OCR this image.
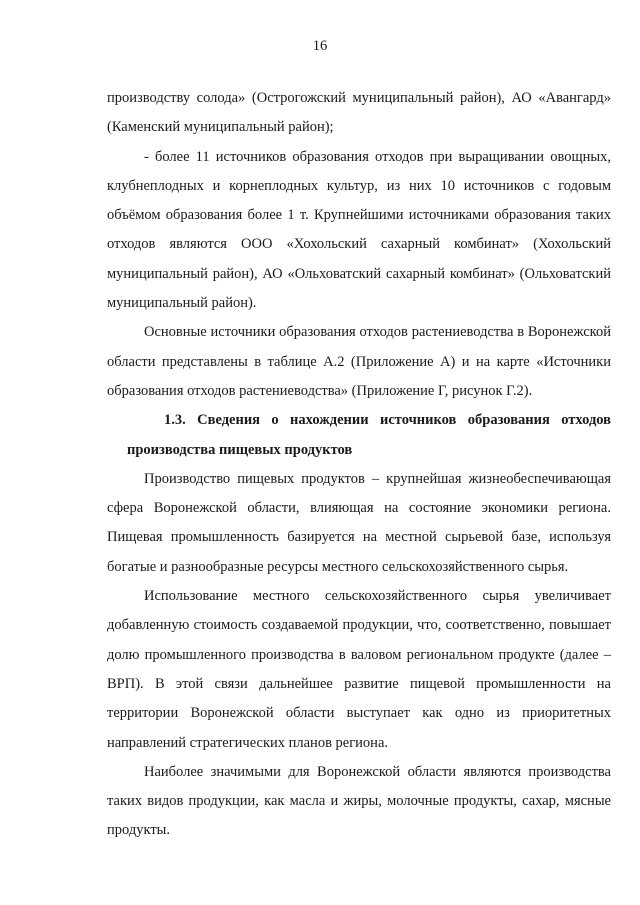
16

производству солода» (Острогожский муниципальный район), АО «Авангард» (Каменский муниципальный район);

- более 11 источников образования отходов при выращивании овощных, клубнеплодных и корнеплодных культур, из них 10 источников с годовым объёмом образования более 1 т. Крупнейшими источниками образования таких отходов являются ООО «Хохольский сахарный комбинат» (Хохольский муниципальный район), АО «Ольховатский сахарный комбинат» (Ольховатский муниципальный район).

Основные источники образования отходов растениеводства в Воронежской области представлены в таблице А.2 (Приложение А) и на карте «Источники образования отходов растениеводства» (Приложение Г, рисунок Г.2).

1.3. Сведения о нахождении источников образования отходов производства пищевых продуктов

Производство пищевых продуктов – крупнейшая жизнеобеспечивающая сфера Воронежской области, влияющая на состояние экономики региона. Пищевая промышленность базируется на местной сырьевой базе, используя богатые и разнообразные ресурсы местного сельскохозяйственного сырья.

Использование местного сельскохозяйственного сырья увеличивает добавленную стоимость создаваемой продукции, что, соответственно, повышает долю промышленного производства в валовом региональном продукте (далее – ВРП). В этой связи дальнейшее развитие пищевой промышленности на территории Воронежской области выступает как одно из приоритетных направлений стратегических планов региона.

Наиболее значимыми для Воронежской области являются производства таких видов продукции, как масла и жиры, молочные продукты, сахар, мясные продукты.
